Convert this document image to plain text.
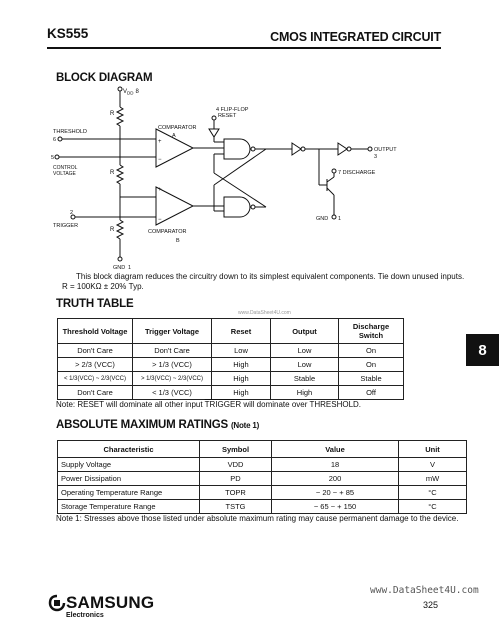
KS555	CMOS INTEGRATED CIRCUIT
BLOCK DIAGRAM
$V_{DD}$ 8
R
THRESHOLD
6
COMPARATOR
A
+
−
4 FLIP-FLOP
RESET
OUTPUT
3
5
CONTROL
VOLTAGE	R	7 DISCHARGE
GND 1
+
−
2
TRIGGER
R	COMPARATOR
B
GND 1
This block diagram reduces the circuitry down to its simplest equivalent components. Tie down unused inputs.
R = 100KΩ ± 20% Typ.
TRUTH TABLE
www.DataSheet4U.com
Threshold Voltage	Trigger Voltage	Reset	Output	Discharge Switch
Don't Care	Don't Care	Low	Low	On
> 2/3 (VCC)	> 1/3 (VCC)	High	Low	On
< 1/3(VCC) ~ 2/3(VCC)	> 1/3(VCC) ~ 2/3(VCC)	High	Stable	Stable
Don't Care	< 1/3 (VCC)	High	High	Off
Note: RESET will dominate all other input TRIGGER will dominate over THRESHOLD.
8
ABSOLUTE MAXIMUM RATINGS (Note 1)
Characteristic	Symbol	Value	Unit
Supply Voltage	VDD	18	V
Power Dissipation	PD	200	mW
Operating Temperature Range	TOPR	− 20 ~ + 85	°C
Storage Temperature Range	TSTG	− 65 ~ + 150	°C
Note 1: Stresses above those listed under absolute maximum rating may cause permanent damage to the device.
SAMSUNG
Electronics
www.DataSheet4U.com
325
